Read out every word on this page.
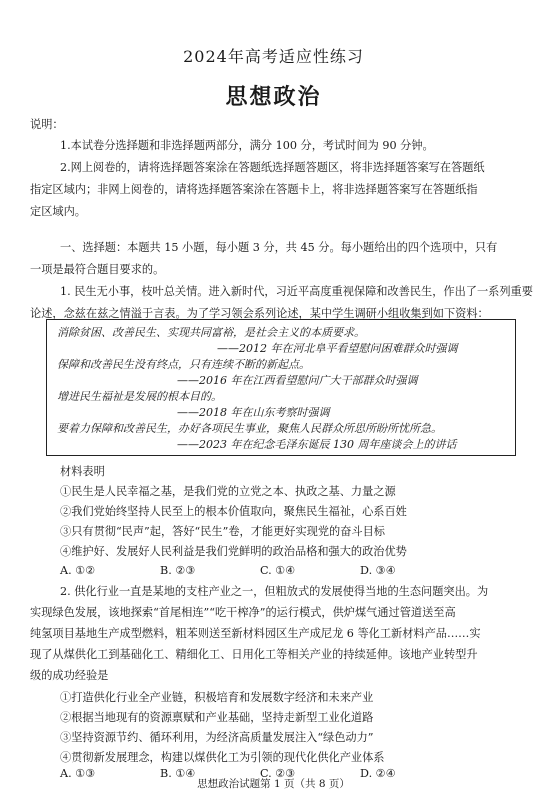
2024年高考适应性练习
思想政治
说明：
1.本试卷分选择题和非选择题两部分，满分 100 分，考试时间为 90 分钟。
2.网上阅卷的，请将选择题答案涂在答题纸选择题答题区，将非选择题答案写在答题纸
指定区域内；非网上阅卷的，请将选择题答案涂在答题卡上，将非选择题答案写在答题纸指
定区域内。
一、选择题：本题共 15 小题，每小题 3 分，共 45 分。每小题给出的四个选项中，只有
一项是最符合题目要求的。
1. 民生无小事，枝叶总关情。进入新时代，习近平高度重视保障和改善民生，作出了一系列重要
论述，念兹在兹之情溢于言表。为了学习领会系列论述，某中学生调研小组收集到如下资料：
消除贫困、改善民生、实现共同富裕，是社会主义的本质要求。
——2012 年在河北阜平看望慰问困难群众时强调
保障和改善民生没有终点，只有连续不断的新起点。
——2016 年在江西看望慰问广大干部群众时强调
增进民生福祉是发展的根本目的。
——2018 年在山东考察时强调
要着力保障和改善民生，办好各项民生事业，聚焦人民群众所思所盼所忧所急。
——2023 年在纪念毛泽东诞辰 130 周年座谈会上的讲话
材料表明
①民生是人民幸福之基，是我们党的立党之本、执政之基、力量之源
②我们党始终坚持人民至上的根本价值取向，聚焦民生福祉，心系百姓
③只有贯彻“民声”起，答好“民生”卷，才能更好实现党的奋斗目标
④维护好、发展好人民利益是我们党鲜明的政治品格和强大的政治优势
A. ①②	B. ②③	C. ①④	D. ③④
2. 供化行业一直是某地的支柱产业之一，但粗放式的发展使得当地的生态问题突出。为
实现绿色发展，该地探索“首尾相连”“吃干榨净”的运行模式，供炉煤气通过管道送至高
纯氢项目基地生产成型燃料，粗苯则送至新材料园区生产成尼龙 6 等化工新材料产品……实
现了从煤供化工到基础化工、精细化工、日用化工等相关产业的持续延伸。该地产业转型升
级的成功经验是
①打造供化行业全产业链，积极培育和发展数字经济和未来产业
②根据当地现有的资源禀赋和产业基础，坚持走新型工业化道路
③坚持资源节约、循环利用，为经济高质量发展注入“绿色动力”
④贯彻新发展理念，构建以煤供化工为引领的现代化供化产业体系
A. ①③	B. ①④	C. ②③	D. ②④
思想政治试题第 1 页（共 8 页）
